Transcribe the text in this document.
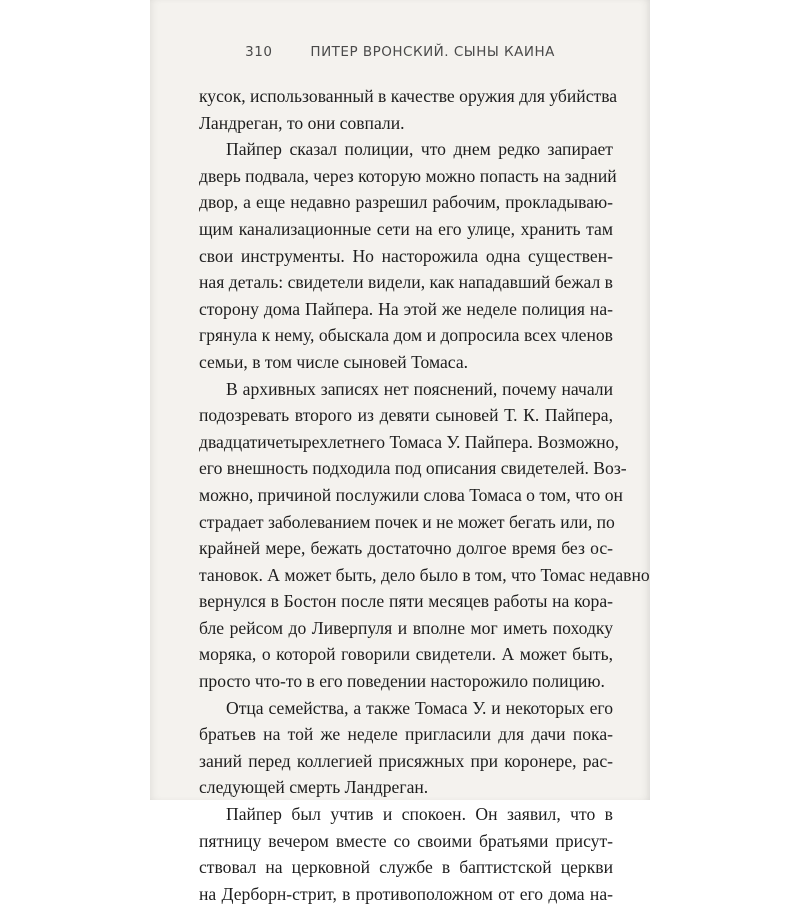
310	ПИТЕР ВРОНСКИЙ. СЫНЫ КАИНА
кусок, использованный в качестве оружия для убийства
Ландреган, то они совпали.
Пайпер сказал полиции, что днем редко запирает
дверь подвала, через которую можно попасть на задний
двор, а еще недавно разрешил рабочим, прокладываю-
щим канализационные сети на его улице, хранить там
свои инструменты. Но насторожила одна существен-
ная деталь: свидетели видели, как нападавший бежал в
сторону дома Пайпера. На этой же неделе полиция на-
грянула к нему, обыскала дом и допросила всех членов
семьи, в том числе сыновей Томаса.
В архивных записях нет пояснений, почему начали
подозревать второго из девяти сыновей Т. К. Пайпера,
двадцатичетырехлетнего Томаса У. Пайпера. Возможно,
его внешность подходила под описания свидетелей. Воз-
можно, причиной послужили слова Томаса о том, что он
страдает заболеванием почек и не может бегать или, по
крайней мере, бежать достаточно долгое время без ос-
тановок. А может быть, дело было в том, что Томас недавно
вернулся в Бостон после пяти месяцев работы на кора-
бле рейсом до Ливерпуля и вполне мог иметь походку
моряка, о которой говорили свидетели. А может быть,
просто что-то в его поведении насторожило полицию.
Отца семейства, а также Томаса У. и некоторых его
братьев на той же неделе пригласили для дачи пока-
заний перед коллегией присяжных при коронере, рас-
следующей смерть Ландреган.
Пайпер был учтив и спокоен. Он заявил, что в
пятницу вечером вместе со своими братьями присут-
ствовал на церковной службе в баптистской церкви
на Дерборн-стрит, в противоположном от его дома на-
